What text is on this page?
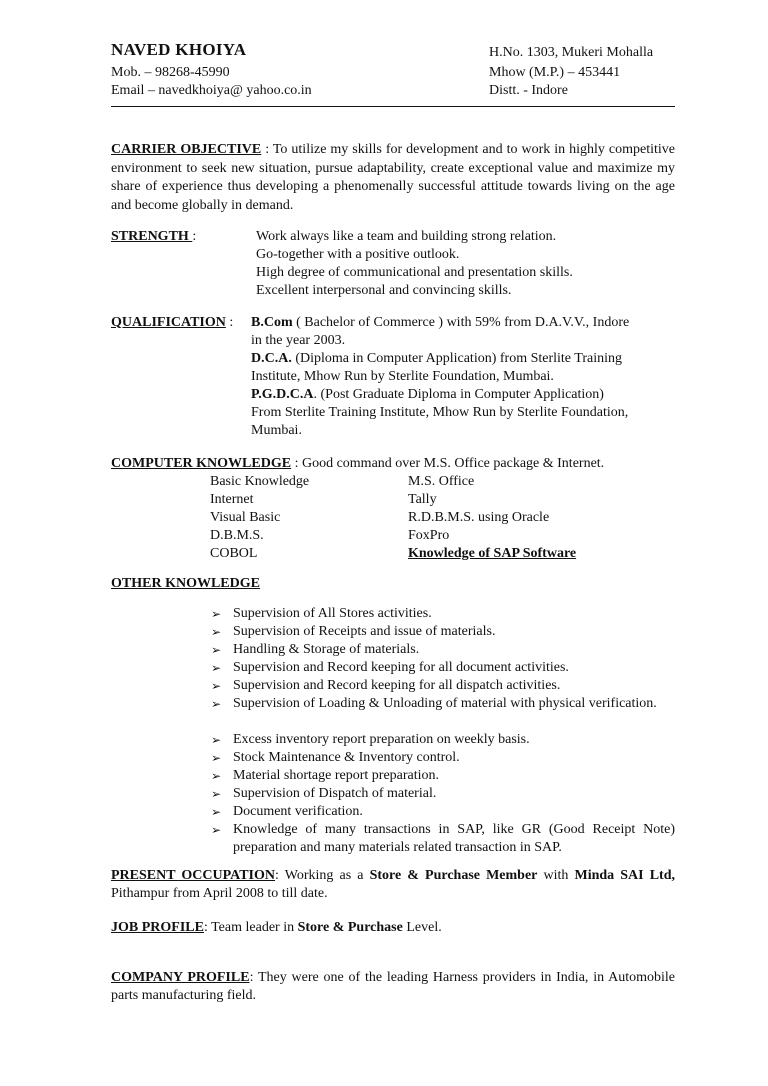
NAVED KHOIYA
Mob. – 98268-45990
Email – navedkhoiya@ yahoo.co.in
H.No. 1303, Mukeri Mohalla
Mhow (M.P.) – 453441
Distt. - Indore
CARRIER OBJECTIVE : To utilize my skills for development and to work in highly competitive environment to seek new situation, pursue adaptability, create exceptional value and maximize my share of experience thus developing a phenomenally successful attitude towards living on the age and become globally in demand.
STRENGTH :	Work always like a team and building strong relation.
Go-together with a positive outlook.
High degree of communicational and presentation skills.
Excellent interpersonal and convincing skills.
QUALIFICATION : B.Com ( Bachelor of Commerce ) with 59% from D.A.V.V., Indore
in the year 2003.
D.C.A. (Diploma in Computer Application) from Sterlite Training
Institute, Mhow Run by Sterlite Foundation, Mumbai.
P.G.D.C.A. (Post Graduate Diploma in Computer Application)
From Sterlite Training Institute, Mhow Run by Sterlite Foundation,
Mumbai.
COMPUTER KNOWLEDGE : Good command over M.S. Office package & Internet.
Basic Knowledge
Internet
Visual Basic
D.B.M.S.
COBOL
M.S. Office
Tally
R.D.B.M.S. using Oracle
FoxPro
Knowledge of SAP Software
OTHER KNOWLEDGE
➢ Supervision of All Stores activities.
➢ Supervision of Receipts and issue of materials.
➢ Handling & Storage of materials.
➢ Supervision and Record keeping for all document activities.
➢ Supervision and Record keeping for all dispatch activities.
➢ Supervision of Loading & Unloading of material with physical verification.
➢ Excess inventory report preparation on weekly basis.
➢ Stock Maintenance & Inventory control.
➢ Material shortage report preparation.
➢ Supervision of Dispatch of material.
➢ Document verification.
➢ Knowledge of many transactions in SAP, like GR (Good Receipt Note) preparation and many materials related transaction in SAP.
PRESENT OCCUPATION: Working as a Store & Purchase Member with Minda SAI Ltd, Pithampur from April 2008 to till date.
JOB PROFILE: Team leader in Store & Purchase Level.
COMPANY PROFILE: They were one of the leading Harness providers in India, in Automobile parts manufacturing field.
